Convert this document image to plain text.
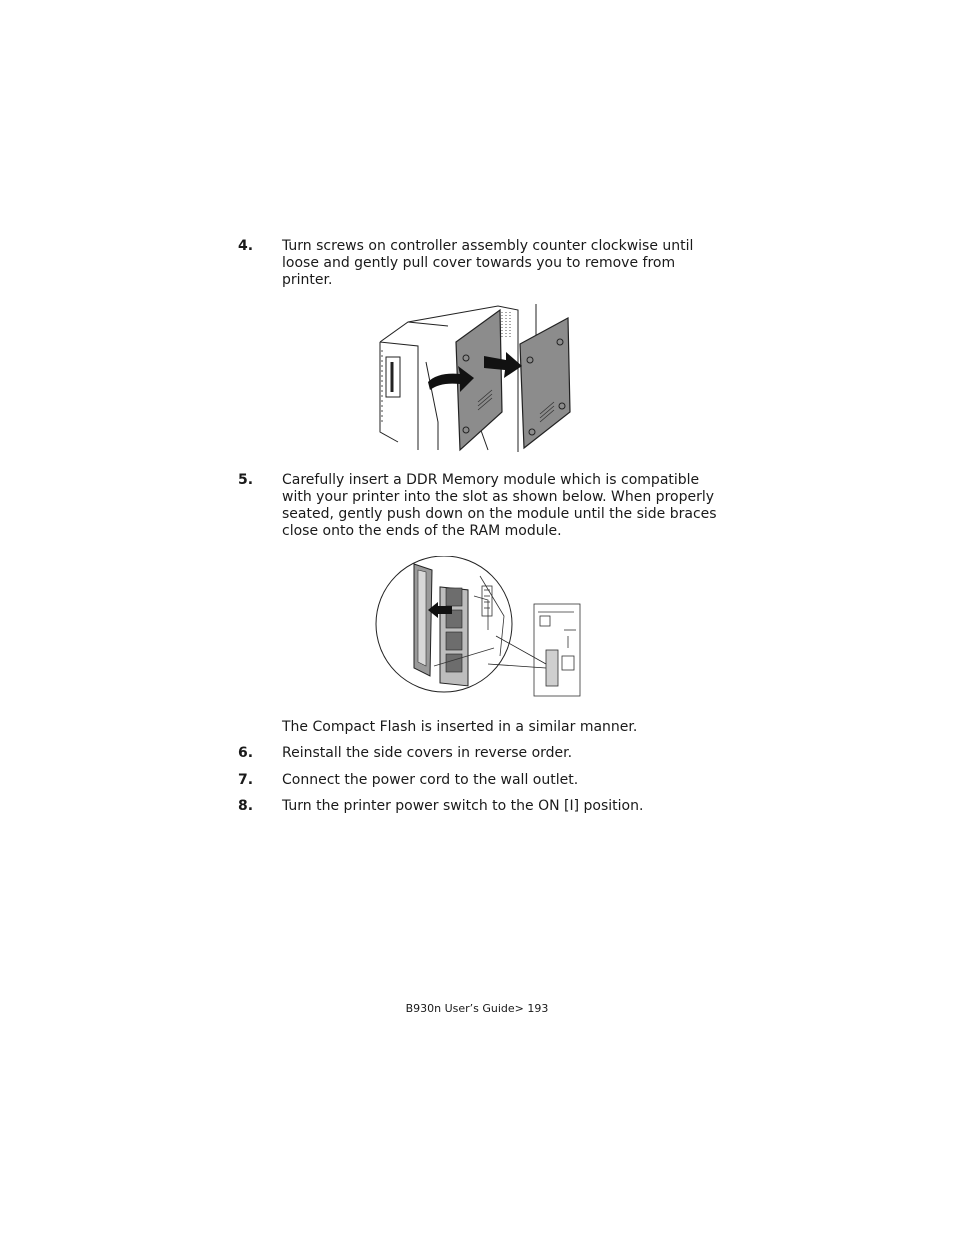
4. Turn screws on controller assembly counter clockwise until loose and gently pull cover towards you to remove from printer.
5. Carefully insert a DDR Memory module which is compatible with your printer into the slot as shown below. When properly seated, gently push down on the module until the side braces close onto the ends of the RAM module.
The Compact Flash is inserted in a similar manner.
6. Reinstall the side covers in reverse order.
7. Connect the power cord to the wall outlet.
8. Turn the printer power switch to the ON [I] position.
B930n User’s Guide> 193
